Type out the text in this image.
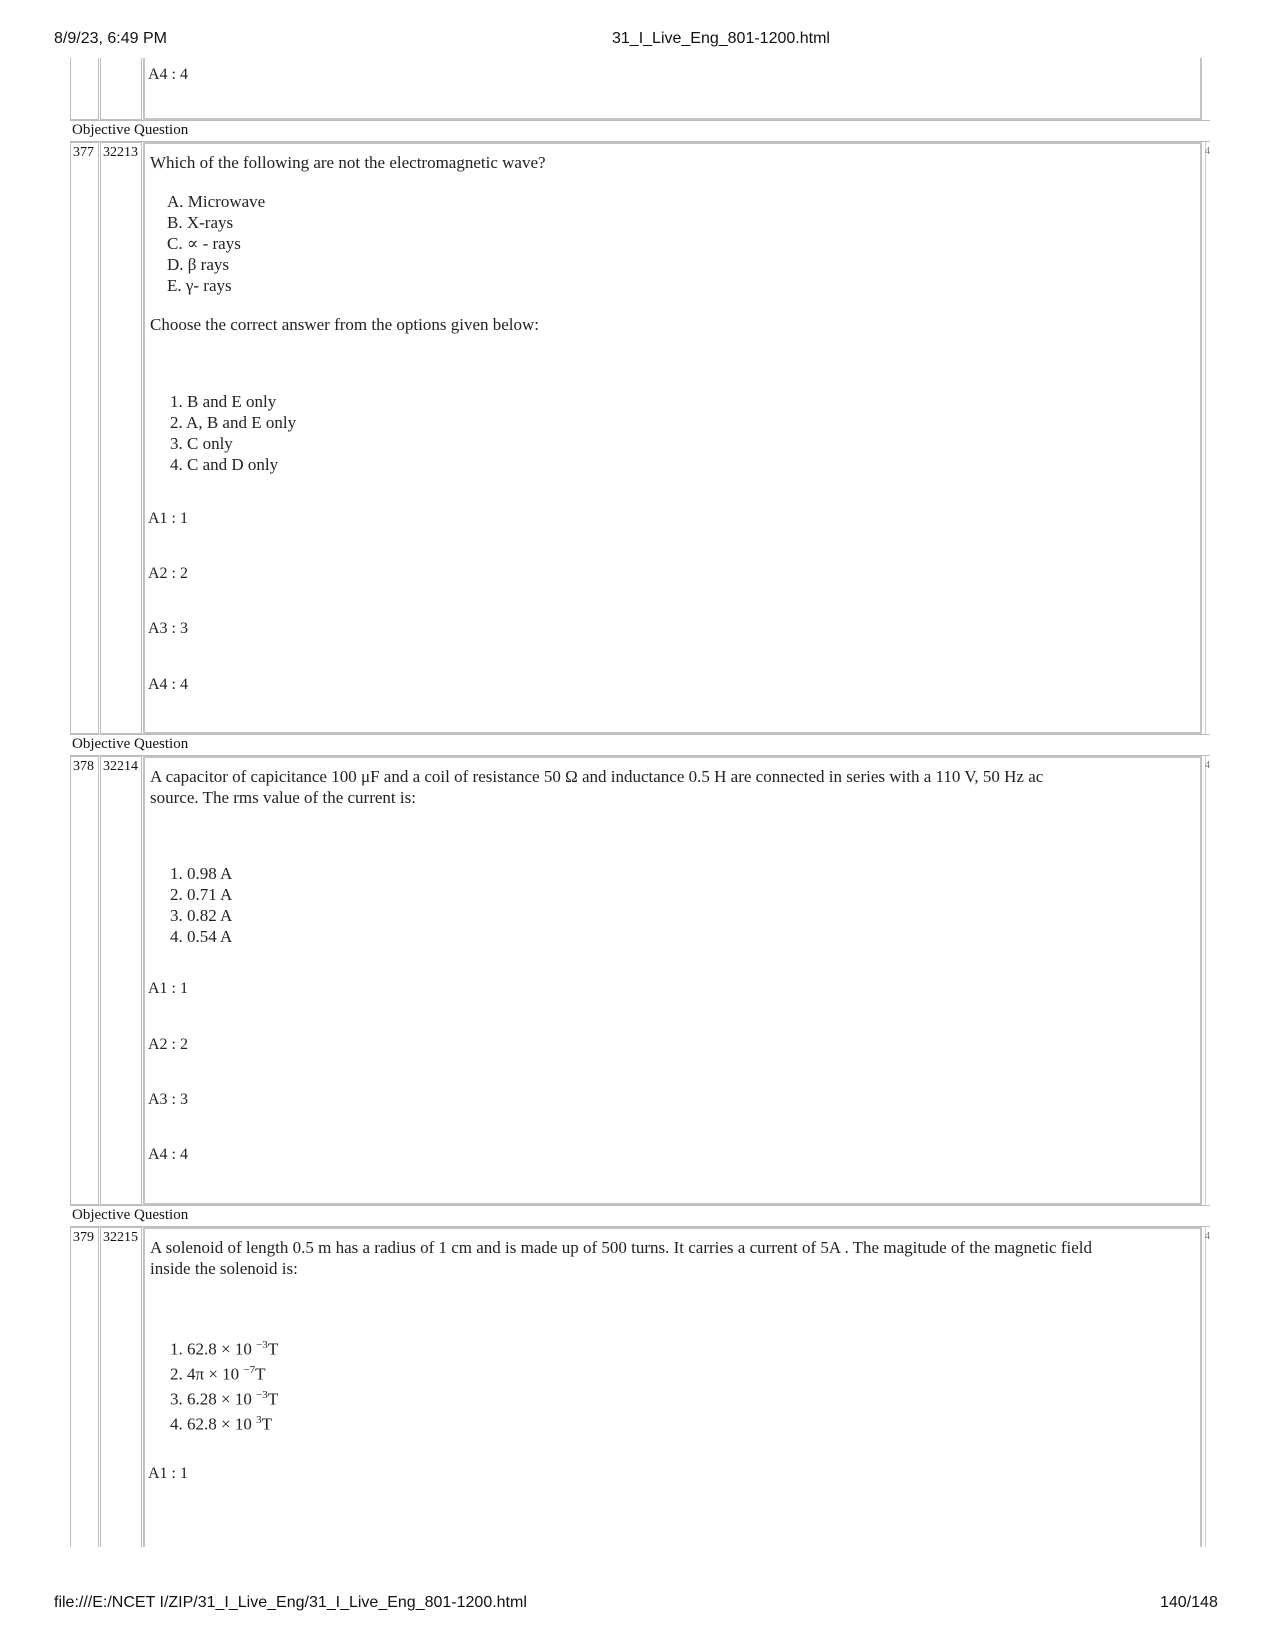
8/9/23, 6:49 PM	31_I_Live_Eng_801-1200.html
A4 : 4
Objective Question
377 32213	4
Which of the following are not the electromagnetic wave?
A. Microwave
B. X-rays
C. ∝ - rays
D. β rays
E. γ- rays
Choose the correct answer from the options given below:
1. B and E only
2. A, B and E only
3. C only
4. C and D only
A1 : 1
A2 : 2
A3 : 3
A4 : 4
Objective Question
378 32214	4
A capacitor of capicitance 100 μF and a coil of resistance 50 Ω and inductance 0.5 H are connected in series with a 110 V, 50 Hz ac
source. The rms value of the current is:
1. 0.98 A
2. 0.71 A
3. 0.82 A
4. 0.54 A
A1 : 1
A2 : 2
A3 : 3
A4 : 4
Objective Question
379 32215	4
A solenoid of length 0.5 m has a radius of 1 cm and is made up of 500 turns. It carries a current of 5A . The magitude of the magnetic field
inside the solenoid is:
1. 62.8 × 10 $^{-3}$T
2. 4π × 10 $^{-7}$T
3. 6.28 × 10 $^{-3}$T
4. 62.8 × 10 $^3$T
A1 : 1
file:///E:/NCET I/ZIP/31_I_Live_Eng/31_I_Live_Eng_801-1200.html	140/148
